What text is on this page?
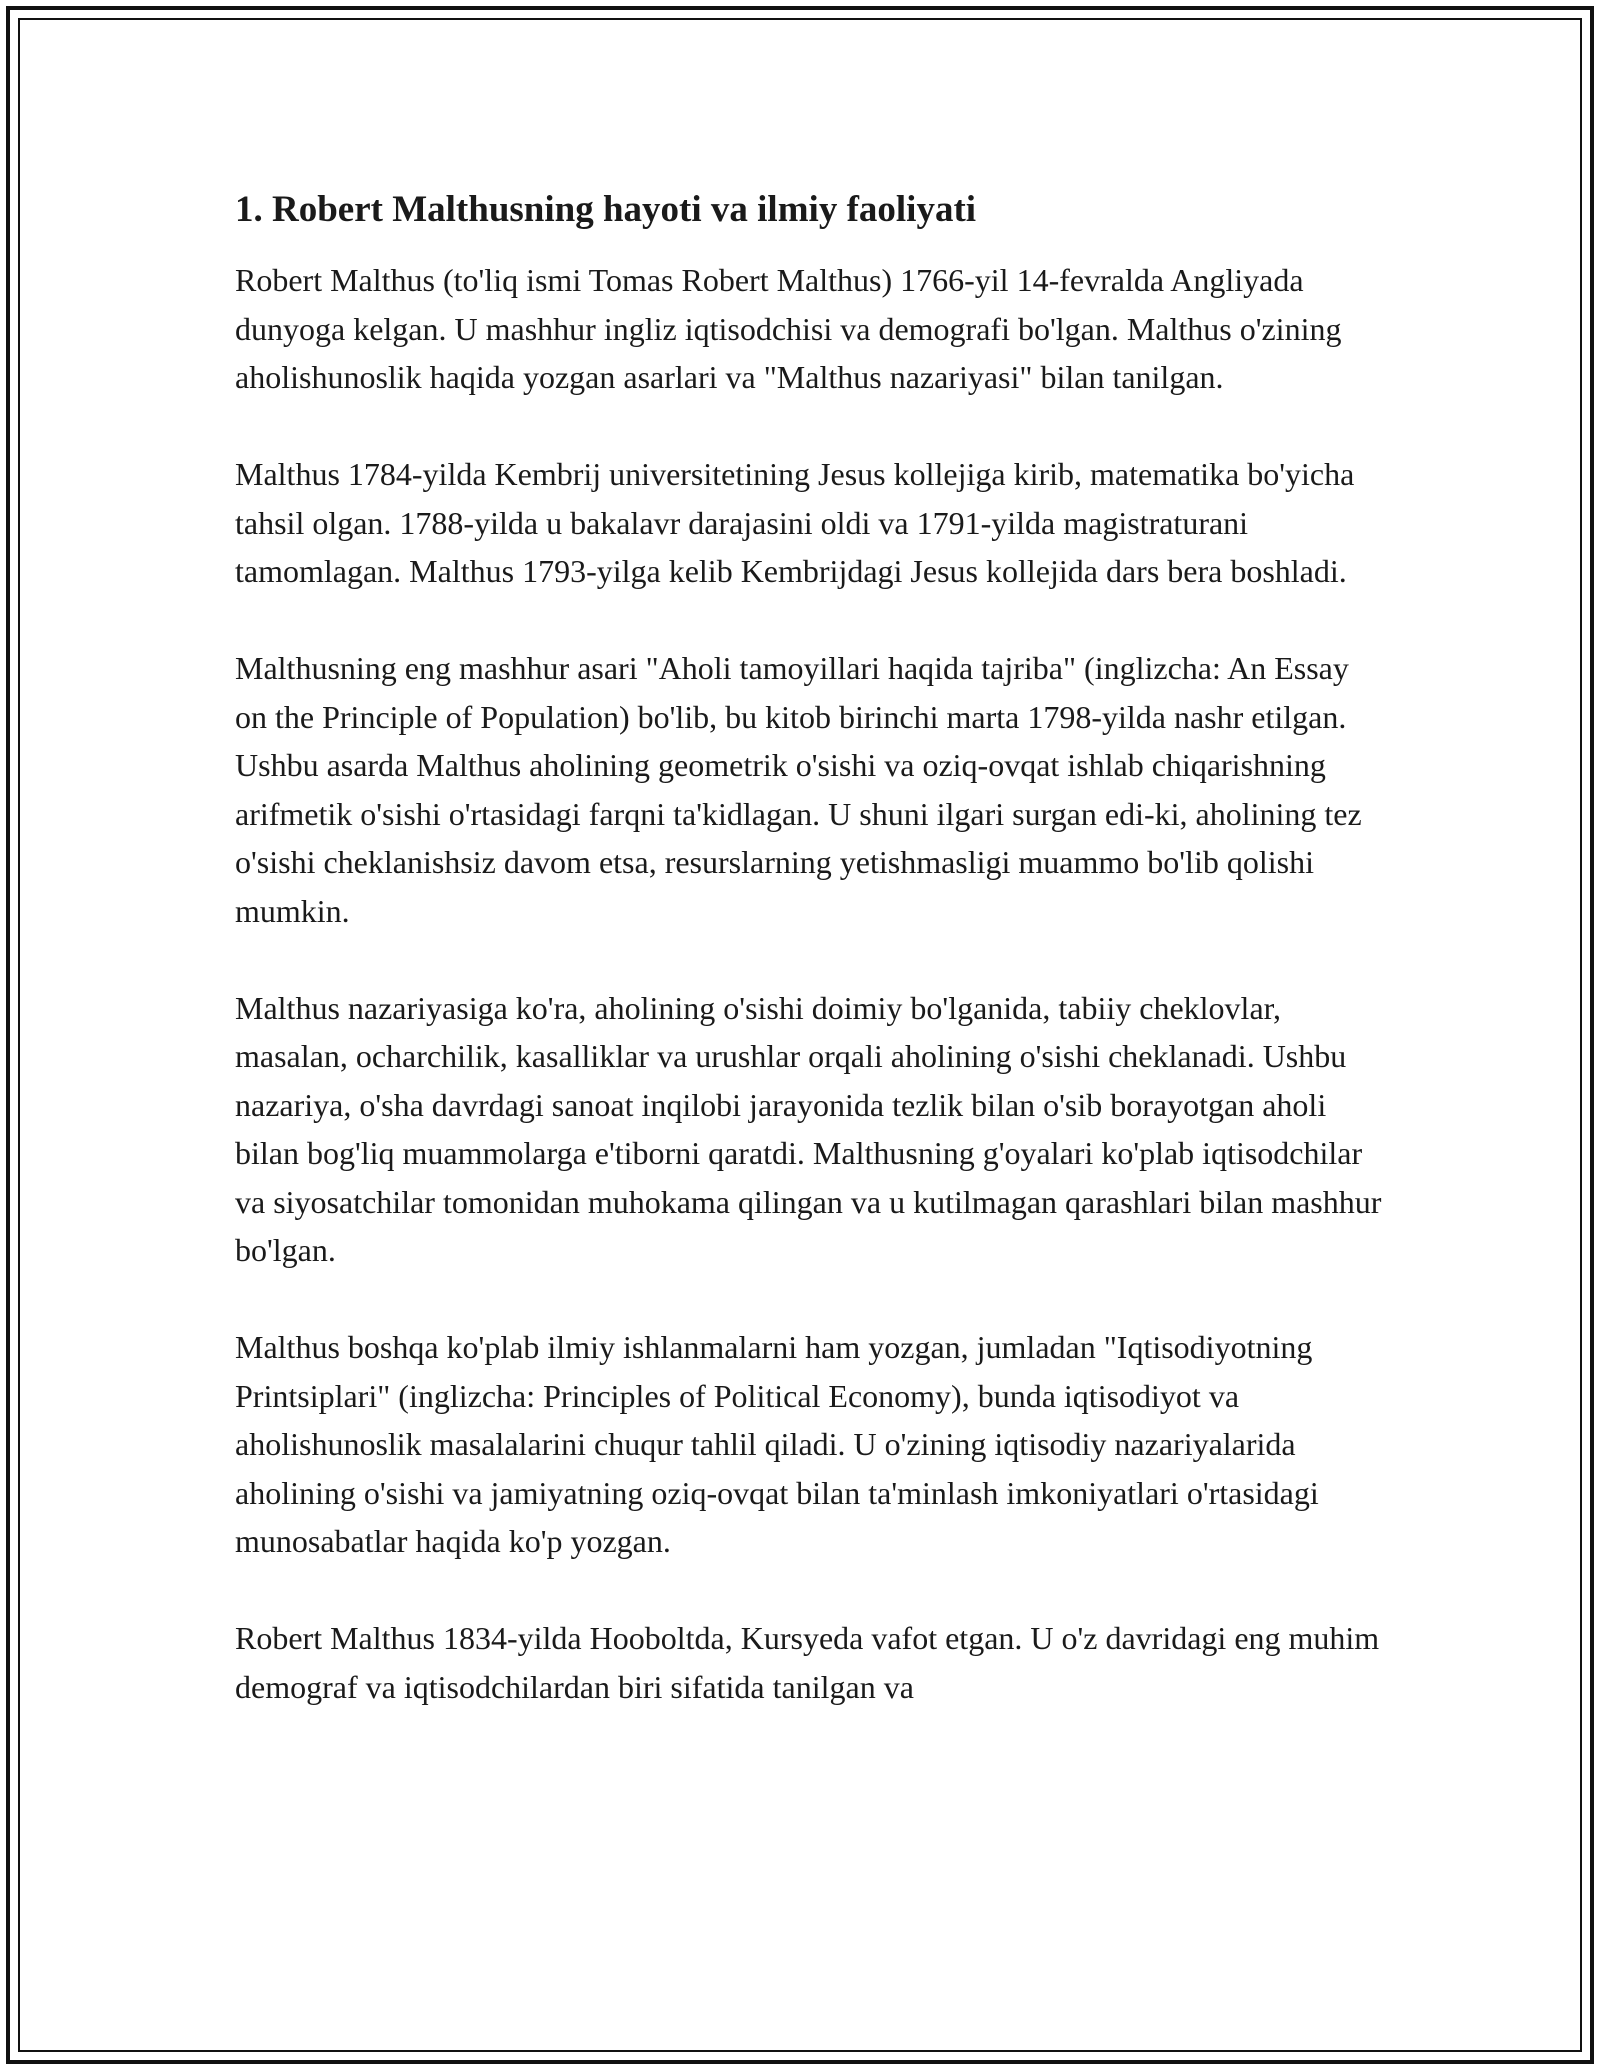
1. Robert Malthusning hayoti va ilmiy faoliyati

Robert Malthus (to'liq ismi Tomas Robert Malthus) 1766-yil 14-fevralda Angliyada dunyoga kelgan. U mashhur ingliz iqtisodchisi va demografi bo'lgan. Malthus o'zining aholishunoslik haqida yozgan asarlari va "Malthus nazariyasi" bilan tanilgan.

Malthus 1784-yilda Kembrij universitetining Jesus kollejiga kirib, matematika bo'yicha tahsil olgan. 1788-yilda u bakalavr darajasini oldi va 1791-yilda magistraturani tamomlagan. Malthus 1793-yilga kelib Kembrijdagi Jesus kollejida dars bera boshladi.

Malthusning eng mashhur asari "Aholi tamoyillari haqida tajriba" (inglizcha: An Essay on the Principle of Population) bo'lib, bu kitob birinchi marta 1798-yilda nashr etilgan. Ushbu asarda Malthus aholining geometrik o'sishi va oziq-ovqat ishlab chiqarishning arifmetik o'sishi o'rtasidagi farqni ta'kidlagan. U shuni ilgari surgan edi-ki, aholining tez o'sishi cheklanishsiz davom etsa, resurslarning yetishmasligi muammo bo'lib qolishi mumkin.

Malthus nazariyasiga ko'ra, aholining o'sishi doimiy bo'lganida, tabiiy cheklovlar, masalan, ocharchilik, kasalliklar va urushlar orqali aholining o'sishi cheklanadi. Ushbu nazariya, o'sha davrdagi sanoat inqilobi jarayonida tezlik bilan o'sib borayotgan aholi bilan bog'liq muammolarga e'tiborni qaratdi. Malthusning g'oyalari ko'plab iqtisodchilar va siyosatchilar tomonidan muhokama qilingan va u kutilmagan qarashlari bilan mashhur bo'lgan.

Malthus boshqa ko'plab ilmiy ishlanmalarni ham yozgan, jumladan "Iqtisodiyotning Printsiplari" (inglizcha: Principles of Political Economy), bunda iqtisodiyot va aholishunoslik masalalarini chuqur tahlil qiladi. U o'zining iqtisodiy nazariyalarida aholining o'sishi va jamiyatning oziq-ovqat bilan ta'minlash imkoniyatlari o'rtasidagi munosabatlar haqida ko'p yozgan.

Robert Malthus 1834-yilda Hooboltda, Kursyeda vafot etgan. U o'z davridagi eng muhim demograf va iqtisodchilardan biri sifatida tanilgan va
